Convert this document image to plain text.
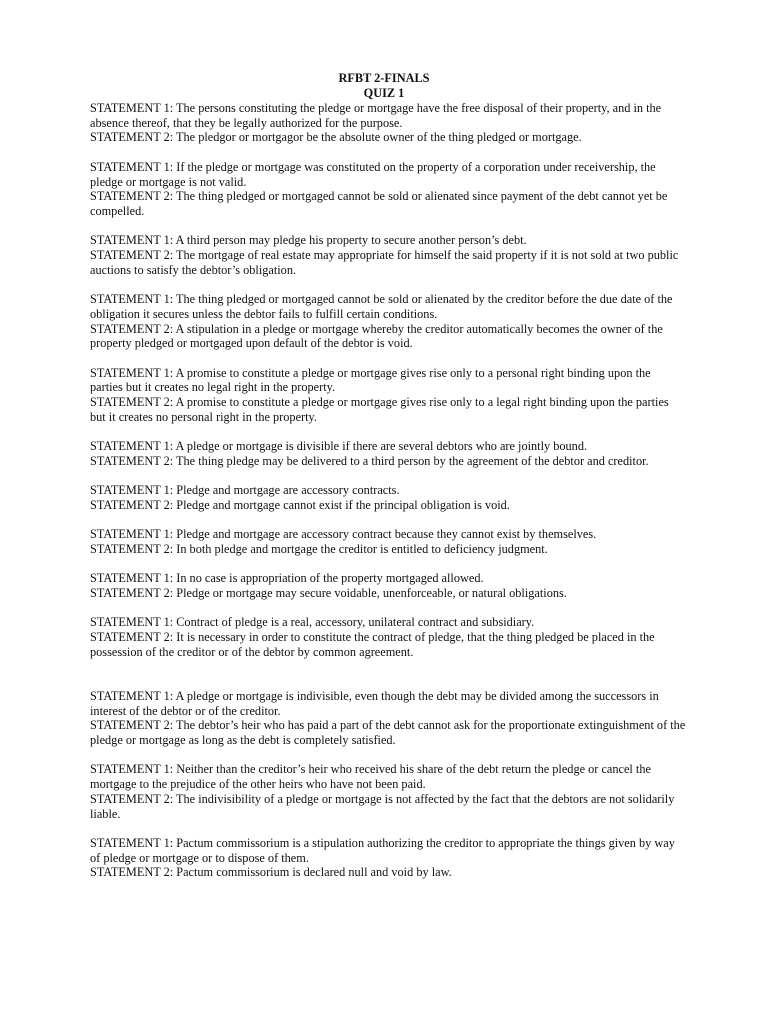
RFBT 2-FINALS
QUIZ 1
STATEMENT 1: The persons constituting the pledge or mortgage have the free disposal of their property, and in the absence thereof, that they be legally authorized for the purpose.
STATEMENT 2: The pledgor or mortgagor be the absolute owner of the thing pledged or mortgage.
STATEMENT 1: If the pledge or mortgage was constituted on the property of a corporation under receivership, the pledge or mortgage is not valid.
STATEMENT 2: The thing pledged or mortgaged cannot be sold or alienated since payment of the debt cannot yet be compelled.
STATEMENT 1: A third person may pledge his property to secure another person’s debt.
STATEMENT 2: The mortgage of real estate may appropriate for himself the said property if it is not sold at two public auctions to satisfy the debtor’s obligation.
STATEMENT 1: The thing pledged or mortgaged cannot be sold or alienated by the creditor before the due date of the obligation it secures unless the debtor fails to fulfill certain conditions.
STATEMENT 2: A stipulation in a pledge or mortgage whereby the creditor automatically becomes the owner of the property pledged or mortgaged upon default of the debtor is void.
STATEMENT 1: A promise to constitute a pledge or mortgage gives rise only to a personal right binding upon the parties but it creates no legal right in the property.
STATEMENT 2: A promise to constitute a pledge or mortgage gives rise only to a legal right binding upon the parties but it creates no personal right in the property.
STATEMENT 1: A pledge or mortgage is divisible if there are several debtors who are jointly bound.
STATEMENT 2: The thing pledge may be delivered to a third person by the agreement of the debtor and creditor.
STATEMENT 1: Pledge and mortgage are accessory contracts.
STATEMENT 2: Pledge and mortgage cannot exist if the principal obligation is void.
STATEMENT 1: Pledge and mortgage are accessory contract because they cannot exist by themselves.
STATEMENT 2: In both pledge and mortgage the creditor is entitled to deficiency judgment.
STATEMENT 1: In no case is appropriation of the property mortgaged allowed.
STATEMENT 2: Pledge or mortgage may secure voidable, unenforceable, or natural obligations.
STATEMENT 1: Contract of pledge is a real, accessory, unilateral contract and subsidiary.
STATEMENT 2: It is necessary in order to constitute the contract of pledge, that the thing pledged be placed in the possession of the creditor or of the debtor by common agreement.
STATEMENT 1: A pledge or mortgage is indivisible, even though the debt may be divided among the successors in interest of the debtor or of the creditor.
STATEMENT 2: The debtor’s heir who has paid a part of the debt cannot ask for the proportionate extinguishment of the pledge or mortgage as long as the debt is completely satisfied.
STATEMENT 1: Neither than the creditor’s heir who received his share of the debt return the pledge or cancel the mortgage to the prejudice of the other heirs who have not been paid.
STATEMENT 2: The indivisibility of a pledge or mortgage is not affected by the fact that the debtors are not solidarily liable.
STATEMENT 1: Pactum commissorium is a stipulation authorizing the creditor to appropriate the things given by way of pledge or mortgage or to dispose of them.
STATEMENT 2: Pactum commissorium is declared null and void by law.
